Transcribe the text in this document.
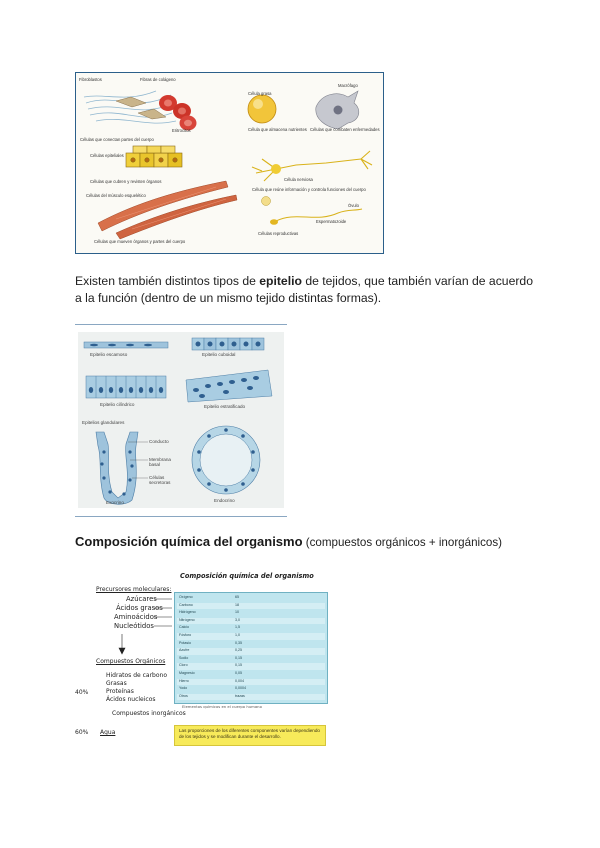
Fibroblastos	Fibras de colágeno
Eritrocitos
Células que conectan partes del cuerpo
Células epiteliales
Células que cubren y revisten órganos
Células del músculo esquelético
Células que mueven órganos y partes del cuerpo
Célula grasa
Célula que almacena nutrientes
Macrófago
Células que combaten enfermedades
Célula nerviosa
Célula que reúne información y controla funciones del cuerpo
Óvulo
Espermatozoide
Células reproductivas

Existen también distintos tipos de epitelio de tejidos, que también varían de acuerdo a la función (dentro de un mismo tejido distintas formas).

Epitelio escamoso	Epitelio cuboidal
Epitelio cilíndrico	Epitelio estratificado
Epitelios glandulares
Conducto
Membrana basal
Células secretoras
Exocrino	Endocrino
Composición química del organismo (compuestos orgánicos + inorgánicos)
Composición química del organismo
Precursores moleculares:
Azúcares
Ácidos grasos
Aminoácidos
Nucleótidos
Compuestos Orgánicos
Hidratos de carbono
Grasas
Proteínas
Ácidos nucleicos
40%
Compuestos inorgánicos
60% Agua
Oxígeno	65
Carbono	18
Hidrógeno	10
Nitrógeno	3,0
Calcio	1,5
Fósforo	1,0
Potasio	0,35
Azufre	0,25
Sodio	0,15
Cloro	0,15
Magnesio	0,05
Hierro	0,004
Yodo	0,0004
Otros	trazas
Elementos químicos en el cuerpo humano
Las proporciones de los diferentes componentes varían dependiendo de los tejidos y se modifican durante el desarrollo.
